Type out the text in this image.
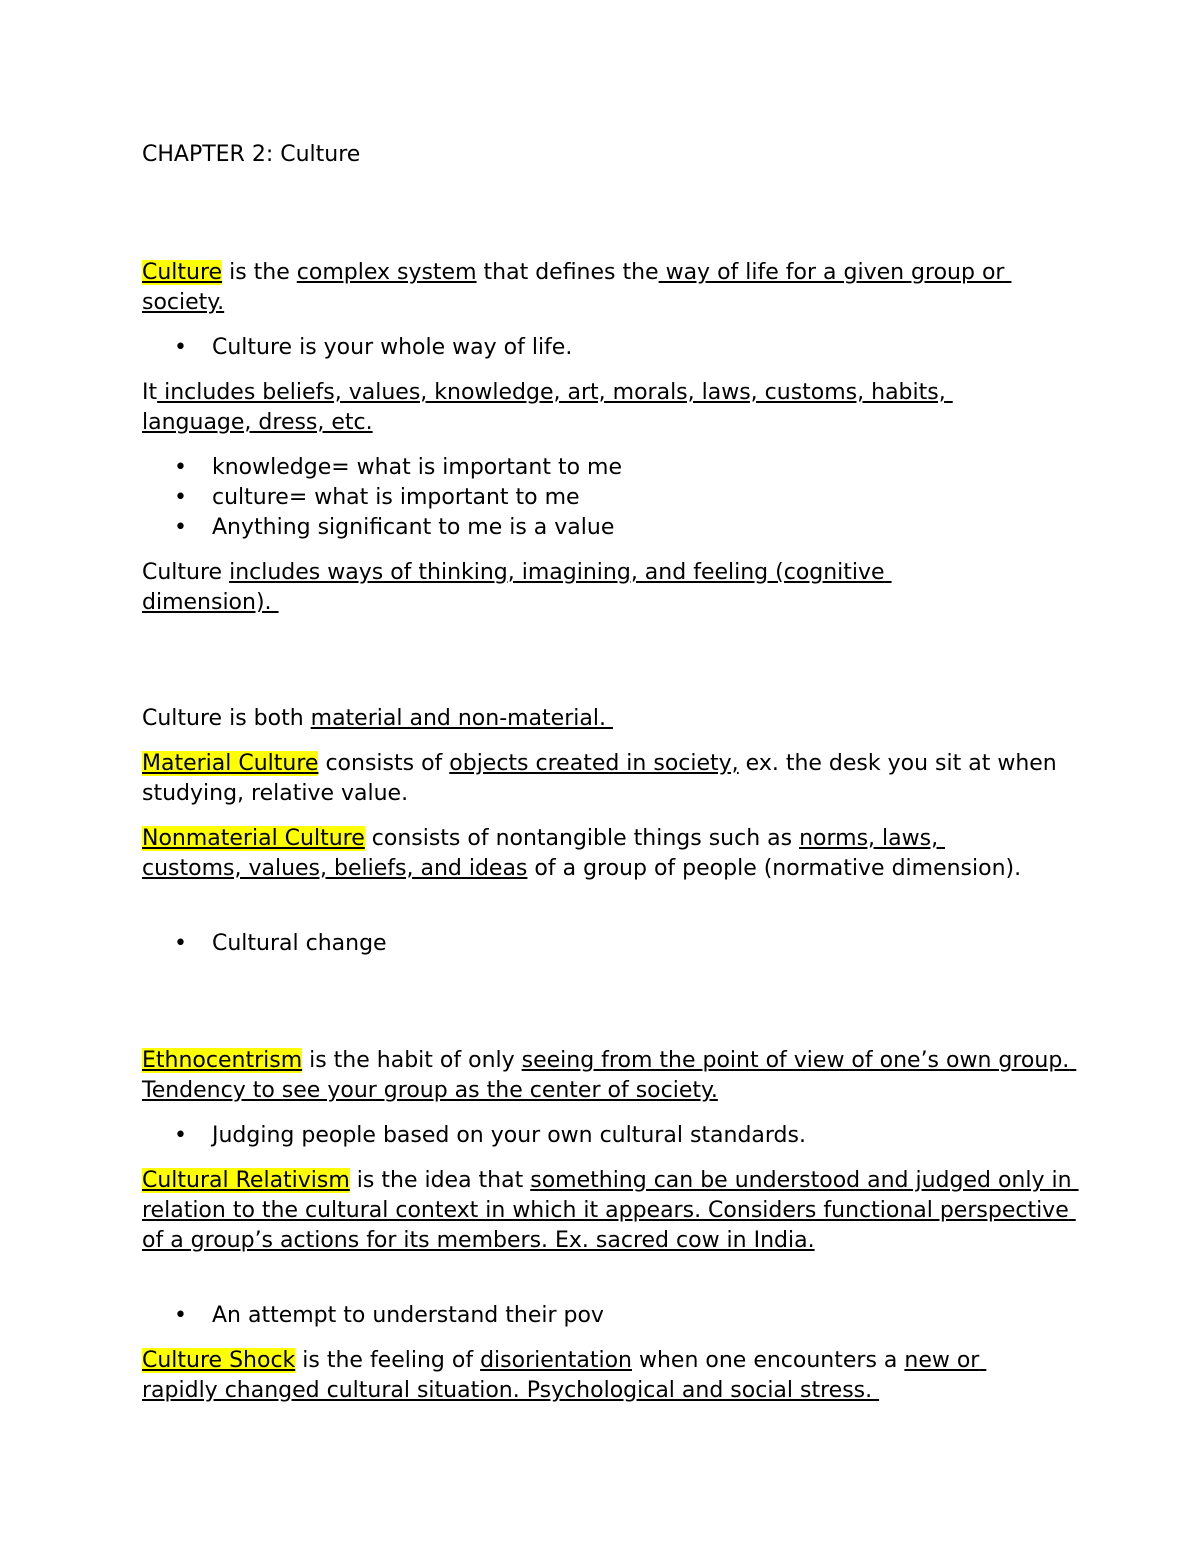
CHAPTER 2: Culture

Culture is the complex system that defines the way of life for a given group or society.

• Culture is your whole way of life.

It includes beliefs, values, knowledge, art, morals, laws, customs, habits, language, dress, etc.

• knowledge= what is important to me
• culture= what is important to me
• Anything significant to me is a value

Culture includes ways of thinking, imagining, and feeling (cognitive dimension).

Culture is both material and non-material.

Material Culture consists of objects created in society, ex. the desk you sit at when studying, relative value.

Nonmaterial Culture consists of nontangible things such as norms, laws, customs, values, beliefs, and ideas of a group of people (normative dimension).

• Cultural change

Ethnocentrism is the habit of only seeing from the point of view of one’s own group. Tendency to see your group as the center of society.

• Judging people based on your own cultural standards.

Cultural Relativism is the idea that something can be understood and judged only in relation to the cultural context in which it appears. Considers functional perspective of a group’s actions for its members. Ex. sacred cow in India.

• An attempt to understand their pov

Culture Shock is the feeling of disorientation when one encounters a new or rapidly changed cultural situation. Psychological and social stress.
